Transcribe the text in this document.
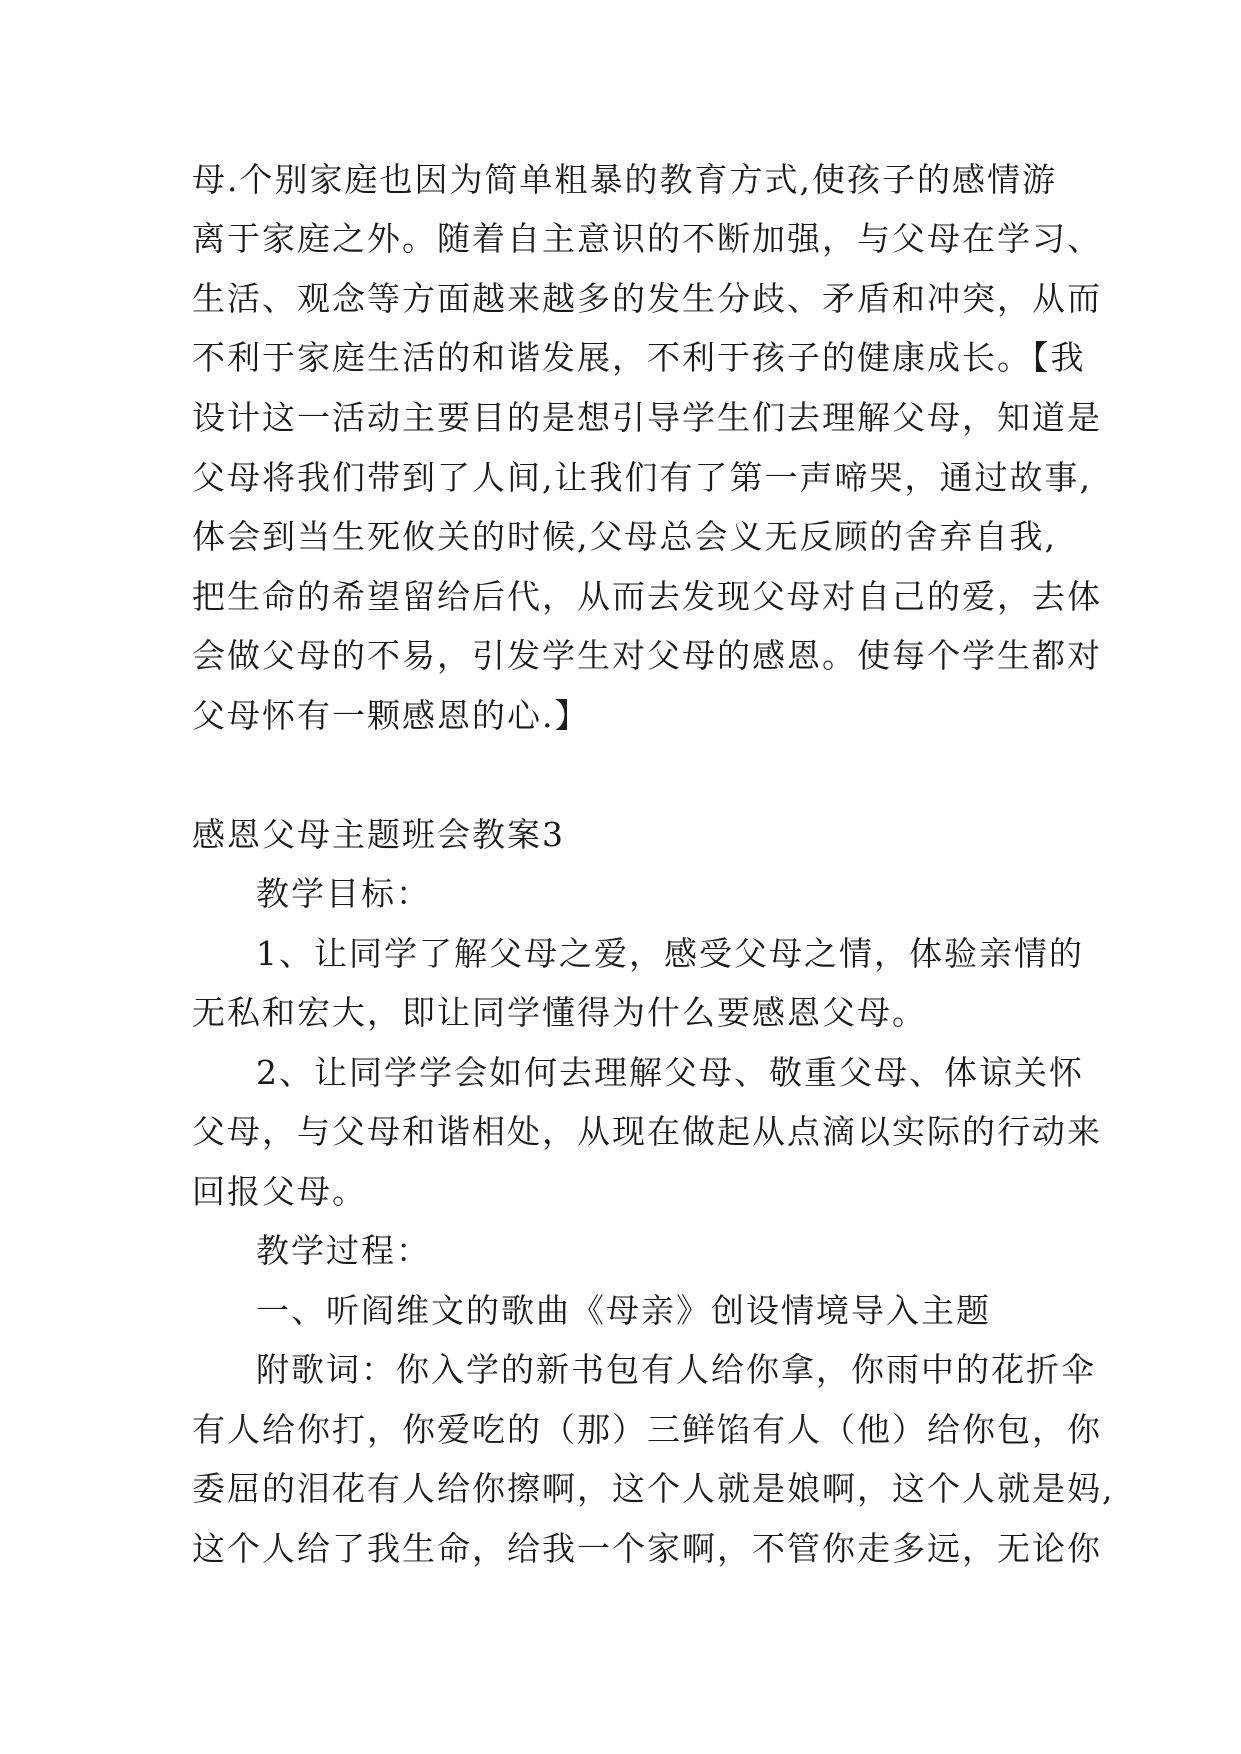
母.个别家庭也因为简单粗暴的教育方式,使孩子的感情游
离于家庭之外。随着自主意识的不断加强，与父母在学习、
生活、观念等方面越来越多的发生分歧、矛盾和冲突，从而
不利于家庭生活的和谐发展，不利于孩子的健康成长。【我
设计这一活动主要目的是想引导学生们去理解父母，知道是
父母将我们带到了人间,让我们有了第一声啼哭，通过故事,
体会到当生死攸关的时候,父母总会义无反顾的舍弃自我,
把生命的希望留给后代，从而去发现父母对自己的爱，去体
会做父母的不易，引发学生对父母的感恩。使每个学生都对
父母怀有一颗感恩的心.】
感恩父母主题班会教案3
教学目标：
1、让同学了解父母之爱，感受父母之情，体验亲情的
无私和宏大，即让同学懂得为什么要感恩父母。
2、让同学学会如何去理解父母、敬重父母、体谅关怀
父母，与父母和谐相处，从现在做起从点滴以实际的行动来
回报父母。
教学过程：
一、听阎维文的歌曲《母亲》创设情境导入主题
附歌词：你入学的新书包有人给你拿，你雨中的花折伞
有人给你打，你爱吃的（那）三鲜馅有人（他）给你包，你
委屈的泪花有人给你擦啊，这个人就是娘啊，这个人就是妈,
这个人给了我生命，给我一个家啊，不管你走多远，无论你
